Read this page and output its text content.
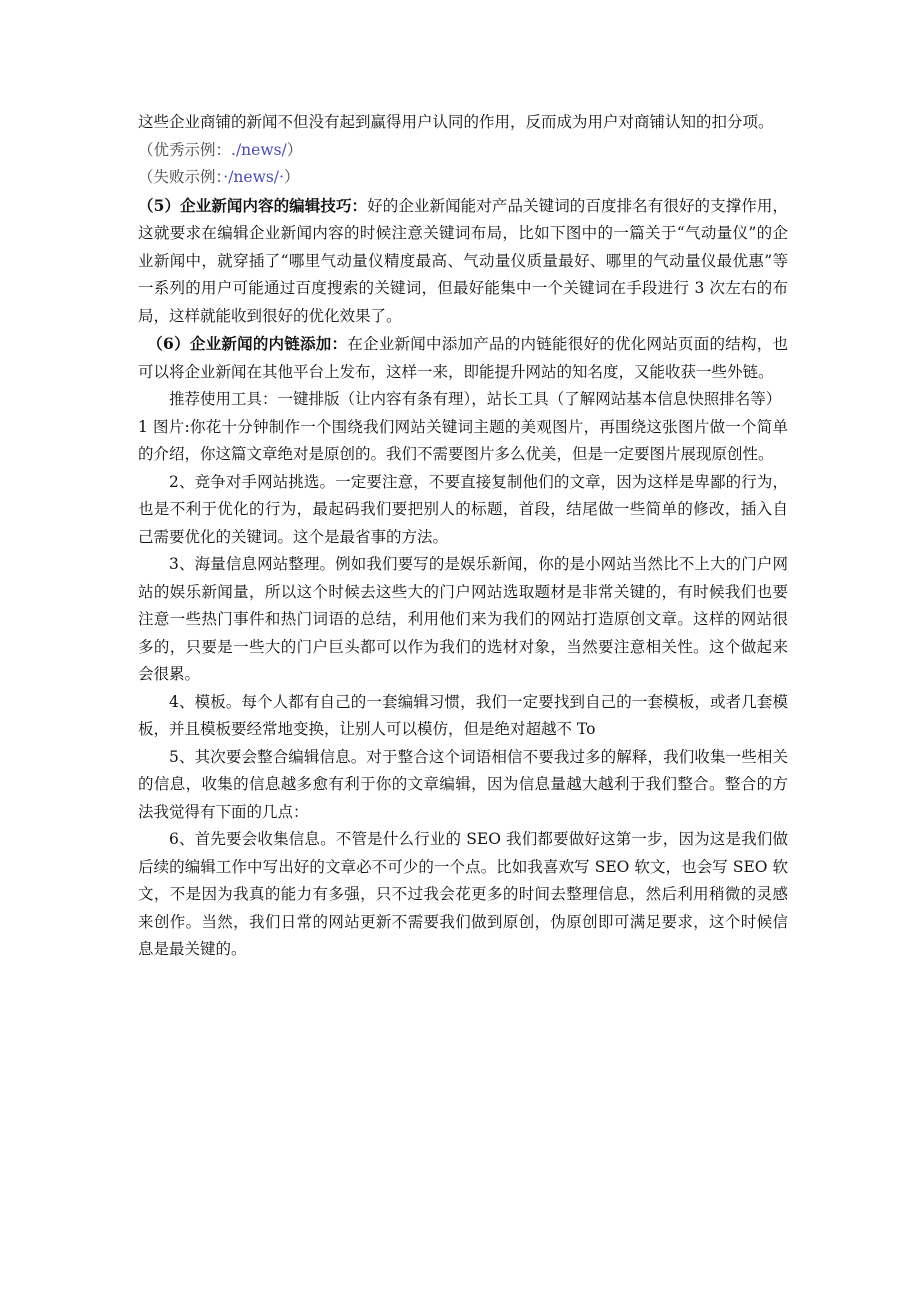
这些企业商铺的新闻不但没有起到赢得用户认同的作用，反而成为用户对商铺认知的扣分项。

（优秀示例：./news/）

（失败示例：·/news/·）

（5）企业新闻内容的编辑技巧：好的企业新闻能对产品关键词的百度排名有很好的支撑作用，这就要求在编辑企业新闻内容的时候注意关键词布局，比如下图中的一篇关于“气动量仪”的企业新闻中，就穿插了“哪里气动量仪精度最高、气动量仪质量最好、哪里的气动量仪最优惠”等一系列的用户可能通过百度搜索的关键词，但最好能集中一个关键词在手段进行 3 次左右的布局，这样就能收到很好的优化效果了。

（6）企业新闻的内链添加：在企业新闻中添加产品的内链能很好的优化网站页面的结构，也可以将企业新闻在其他平台上发布，这样一来，即能提升网站的知名度，又能收获一些外链。

推荐使用工具：一键排版（让内容有条有理），站长工具（了解网站基本信息快照排名等）

1 图片:你花十分钟制作一个围绕我们网站关键词主题的美观图片，再围绕这张图片做一个简单的介绍，你这篇文章绝对是原创的。我们不需要图片多么优美，但是一定要图片展现原创性。

2、竞争对手网站挑选。一定要注意，不要直接复制他们的文章，因为这样是卑鄙的行为，也是不利于优化的行为，最起码我们要把别人的标题，首段，结尾做一些简单的修改，插入自己需要优化的关键词。这个是最省事的方法。

3、海量信息网站整理。例如我们要写的是娱乐新闻，你的是小网站当然比不上大的门户网站的娱乐新闻量，所以这个时候去这些大的门户网站选取题材是非常关键的，有时候我们也要注意一些热门事件和热门词语的总结，利用他们来为我们的网站打造原创文章。这样的网站很多的，只要是一些大的门户巨头都可以作为我们的选材对象，当然要注意相关性。这个做起来会很累。

4、模板。每个人都有自己的一套编辑习惯，我们一定要找到自己的一套模板，或者几套模板，并且模板要经常地变换，让别人可以模仿，但是绝对超越不 To

5、其次要会整合编辑信息。对于整合这个词语相信不要我过多的解释，我们收集一些相关的信息，收集的信息越多愈有利于你的文章编辑，因为信息量越大越利于我们整合。整合的方法我觉得有下面的几点：

6、首先要会收集信息。不管是什么行业的 SEO 我们都要做好这第一步，因为这是我们做后续的编辑工作中写出好的文章必不可少的一个点。比如我喜欢写 SEO 软文，也会写 SEO 软文，不是因为我真的能力有多强，只不过我会花更多的时间去整理信息，然后利用稍微的灵感来创作。当然，我们日常的网站更新不需要我们做到原创，伪原创即可满足要求，这个时候信息是最关键的。
